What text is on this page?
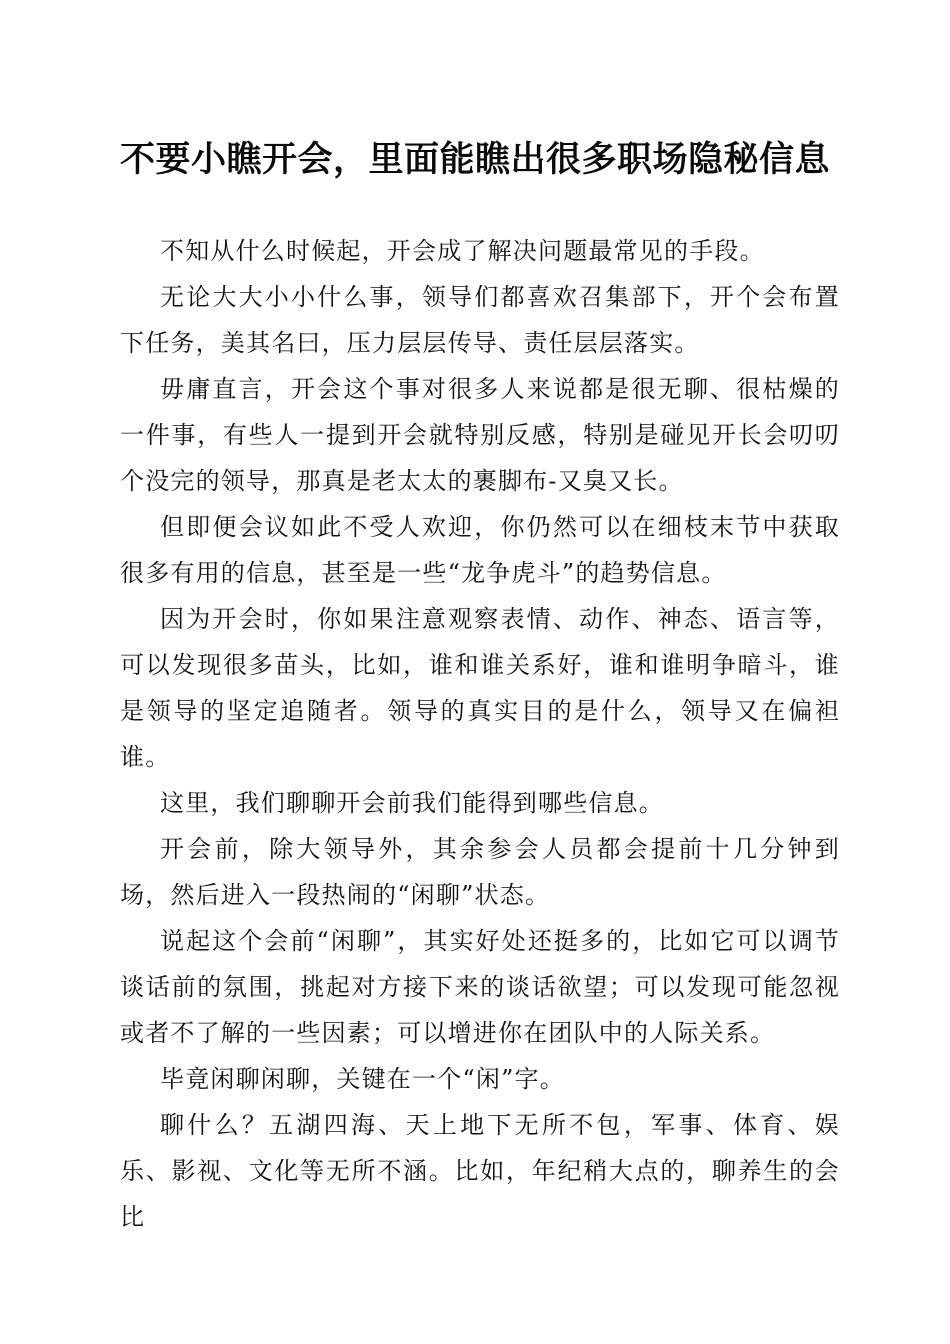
不要小瞧开会，里面能瞧出很多职场隐秘信息

不知从什么时候起，开会成了解决问题最常见的手段。

无论大大小小什么事，领导们都喜欢召集部下，开个会布置下任务，美其名曰，压力层层传导、责任层层落实。

毋庸直言，开会这个事对很多人来说都是很无聊、很枯燥的一件事，有些人一提到开会就特别反感，特别是碰见开长会叨叨个没完的领导，那真是老太太的裹脚布-又臭又长。

但即便会议如此不受人欢迎，你仍然可以在细枝末节中获取很多有用的信息，甚至是一些“龙争虎斗”的趋势信息。

因为开会时，你如果注意观察表情、动作、神态、语言等，可以发现很多苗头，比如，谁和谁关系好，谁和谁明争暗斗，谁是领导的坚定追随者。领导的真实目的是什么，领导又在偏袒谁。

这里，我们聊聊开会前我们能得到哪些信息。

开会前，除大领导外，其余参会人员都会提前十几分钟到场，然后进入一段热闹的“闲聊”状态。

说起这个会前“闲聊”，其实好处还挺多的，比如它可以调节谈话前的氛围，挑起对方接下来的谈话欲望；可以发现可能忽视或者不了解的一些因素；可以增进你在团队中的人际关系。

毕竟闲聊闲聊，关键在一个“闲”字。

聊什么？五湖四海、天上地下无所不包，军事、体育、娱乐、影视、文化等无所不涵。比如，年纪稍大点的，聊养生的会比
